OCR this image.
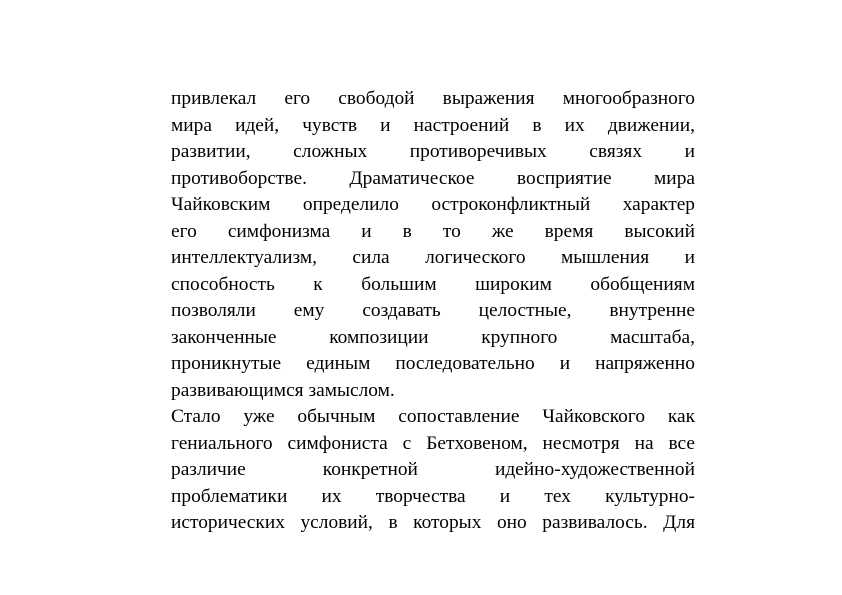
привлекал его свободой выражения многообразного
мира идей, чувств и настроений в их движении,
развитии, сложных противоречивых связях и
противоборстве. Драматическое восприятие мира
Чайковским определило остроконфликтный характер
его симфонизма и в то же время высокий
интеллектуализм, сила логического мышления и
способность к большим широким обобщениям
позволяли ему создавать целостные, внутренне
законченные композиции крупного масштаба,
проникнутые единым последовательно и напряженно
развивающимся замыслом.
Стало уже обычным сопоставление Чайковского как
гениального симфониста с Бетховеном, несмотря на все
различие конкретной идейно-художественной
проблематики их творчества и тех культурно-
исторических условий, в которых оно развивалось. Для
